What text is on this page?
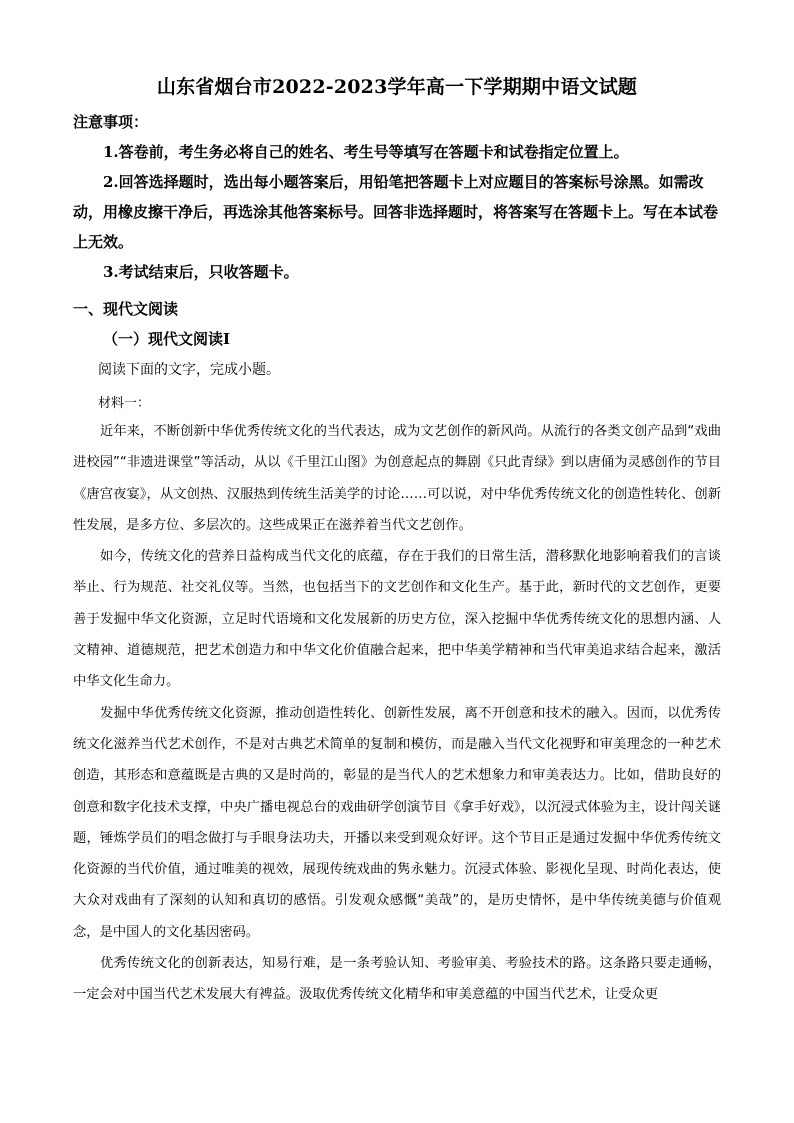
山东省烟台市2022-2023学年高一下学期期中语文试题
注意事项：

1.答卷前，考生务必将自己的姓名、考生号等填写在答题卡和试卷指定位置上。

2.回答选择题时，选出每小题答案后，用铅笔把答题卡上对应题目的答案标号涂黑。如需改动，用橡皮擦干净后，再选涂其他答案标号。回答非选择题时，将答案写在答题卡上。写在本试卷上无效。

3.考试结束后，只收答题卡。

一、现代文阅读
（一）现代文阅读Ⅰ
阅读下面的文字，完成小题。
材料一：

近年来，不断创新中华优秀传统文化的当代表达，成为文艺创作的新风尚。从流行的各类文创产品到“戏曲进校园”“非遗进课堂”等活动，从以《千里江山图》为创意起点的舞剧《只此青绿》到以唐俑为灵感创作的节目《唐宫夜宴》，从文创热、汉服热到传统生活美学的讨论……可以说，对中华优秀传统文化的创造性转化、创新性发展，是多方位、多层次的。这些成果正在滋养着当代文艺创作。

如今，传统文化的营养日益构成当代文化的底蕴，存在于我们的日常生活，潜移默化地影响着我们的言谈举止、行为规范、社交礼仪等。当然，也包括当下的文艺创作和文化生产。基于此，新时代的文艺创作，更要善于发掘中华文化资源，立足时代语境和文化发展新的历史方位，深入挖掘中华优秀传统文化的思想内涵、人文精神、道德规范，把艺术创造力和中华文化价值融合起来，把中华美学精神和当代审美追求结合起来，激活中华文化生命力。

发掘中华优秀传统文化资源，推动创造性转化、创新性发展，离不开创意和技术的融入。因而，以优秀传统文化滋养当代艺术创作，不是对古典艺术简单的复制和模仿，而是融入当代文化视野和审美理念的一种艺术创造，其形态和意蕴既是古典的又是时尚的，彰显的是当代人的艺术想象力和审美表达力。比如，借助良好的创意和数字化技术支撑，中央广播电视总台的戏曲研学创演节目《拿手好戏》，以沉浸式体验为主，设计闯关谜题，锤炼学员们的唱念做打与手眼身法功夫，开播以来受到观众好评。这个节目正是通过发掘中华优秀传统文化资源的当代价值，通过唯美的视效，展现传统戏曲的隽永魅力。沉浸式体验、影视化呈现、时尚化表达，使大众对戏曲有了深刻的认知和真切的感悟。引发观众感慨“美哉”的，是历史情怀，是中华传统美德与价值观念，是中国人的文化基因密码。

优秀传统文化的创新表达，知易行难，是一条考验认知、考验审美、考验技术的路。这条路只要走通畅，一定会对中国当代艺术发展大有裨益。汲取优秀传统文化精华和审美意蕴的中国当代艺术，让受众更
